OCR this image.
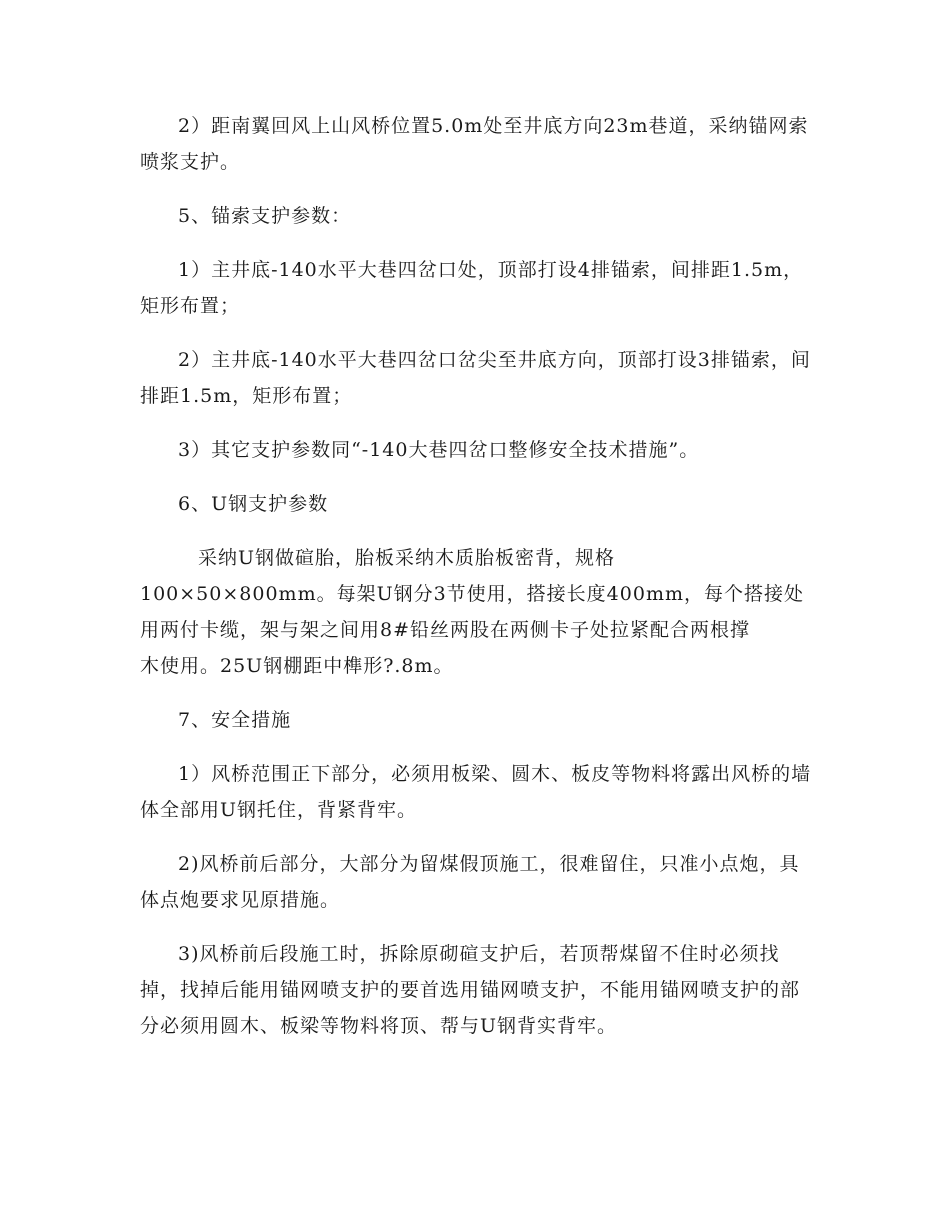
2）距南翼回风上山风桥位置5.0m处至井底方向23m巷道，采纳锚网索喷浆支护。

5、锚索支护参数：

1）主井底-140水平大巷四岔口处，顶部打设4排锚索，间排距1.5m，矩形布置；

2）主井底-140水平大巷四岔口岔尖至井底方向，顶部打设3排锚索，间排距1.5m，矩形布置；

3）其它支护参数同“-140大巷四岔口整修安全技术措施”。

6、U钢支护参数

采纳U钢做碹胎，胎板采纳木质胎板密背，规格
100×50×800mm。每架U钢分3节使用，搭接长度400mm，每个搭接处
用两付卡缆，架与架之间用8#铅丝两股在两侧卡子处拉紧配合两根撑
木使用。25U钢棚距中榫形?.8m。

7、安全措施

1）风桥范围正下部分，必须用板梁、圆木、板皮等物料将露出风桥的墙体全部用U钢托住，背紧背牢。

2)风桥前后部分，大部分为留煤假顶施工，很难留住，只准小点炮，具体点炮要求见原措施。

3)风桥前后段施工时，拆除原砌碹支护后，若顶帮煤留不住时必须找掉，找掉后能用锚网喷支护的要首选用锚网喷支护，不能用锚网喷支护的部分必须用圆木、板梁等物料将顶、帮与U钢背实背牢。
